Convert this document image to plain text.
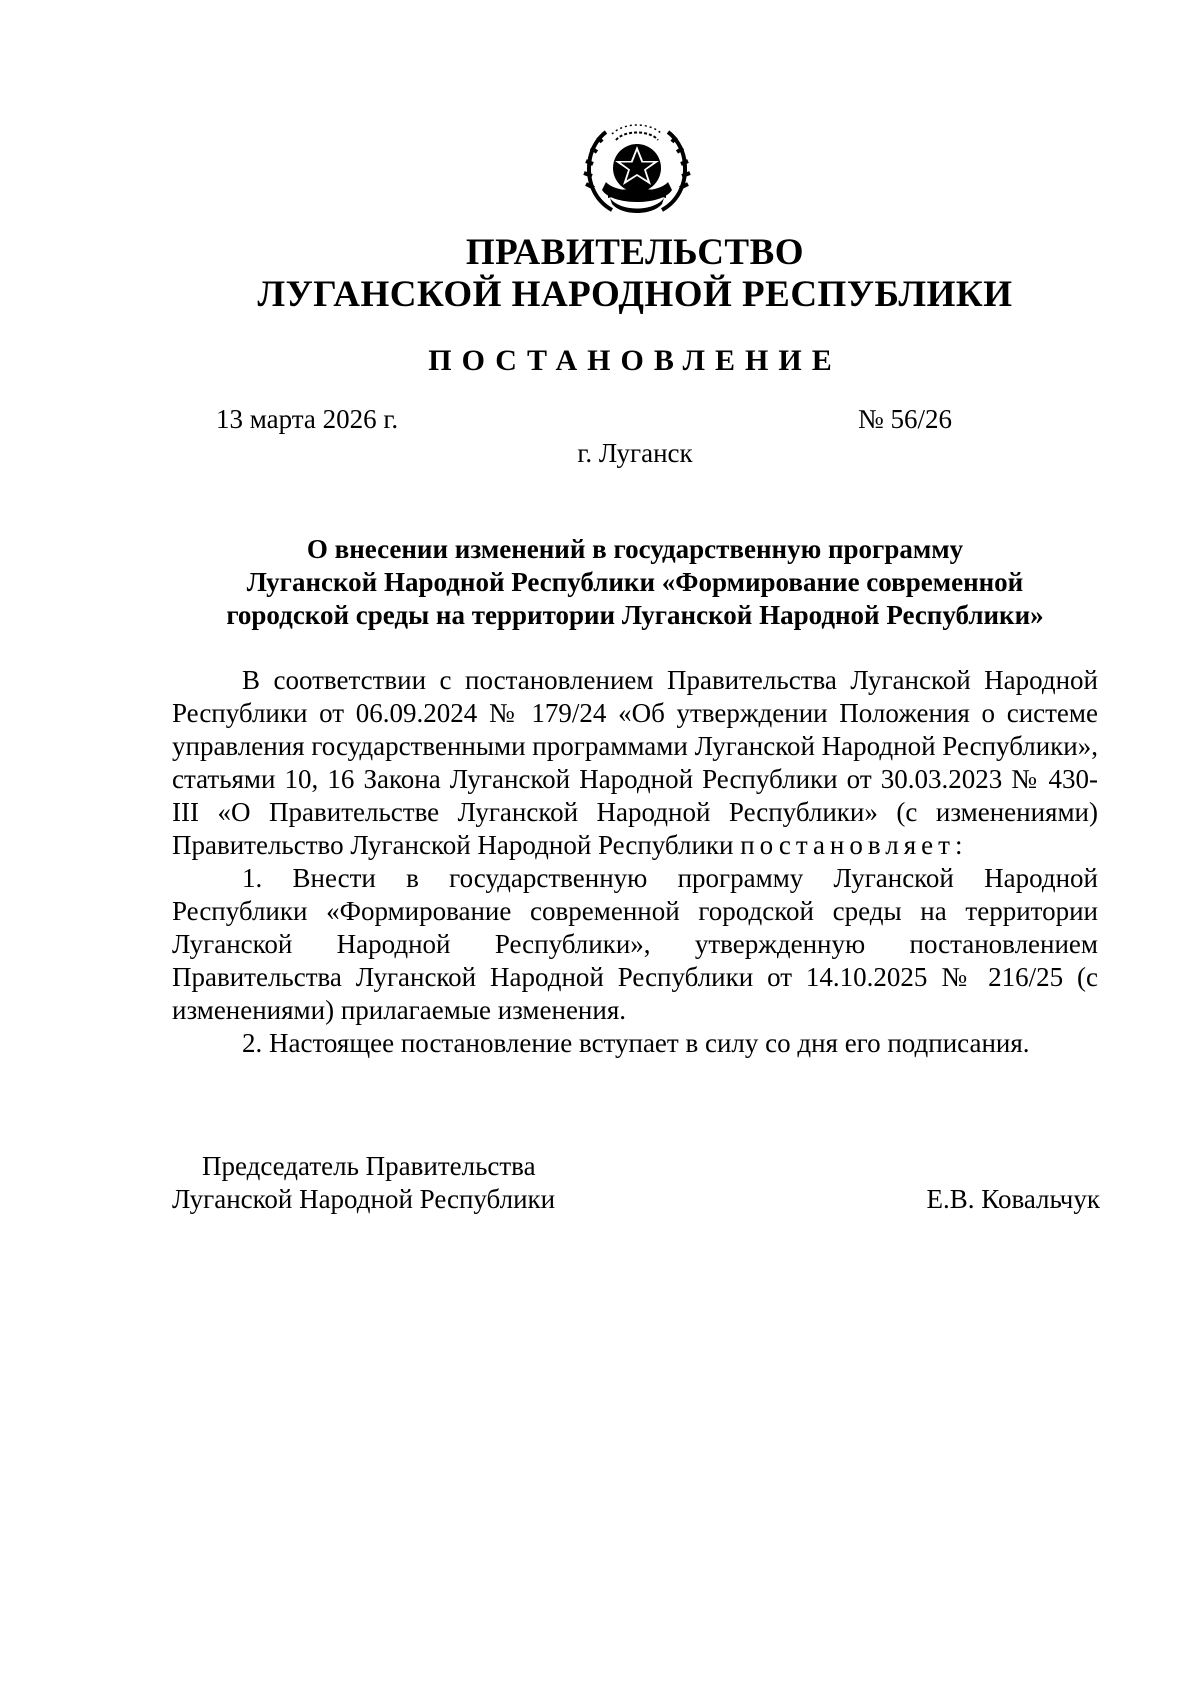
ПРАВИТЕЛЬСТВО
ЛУГАНСКОЙ НАРОДНОЙ РЕСПУБЛИКИ
ПОСТАНОВЛЕНИЕ
13 марта 2026 г.	№ 56/26
г. Луганск
О внесении изменений в государственную программу
Луганской Народной Республики «Формирование современной
городской среды на территории Луганской Народной Республики»

В соответствии с постановлением Правительства Луганской Народной Республики от 06.09.2024 № 179/24 «Об утверждении Положения о системе управления государственными программами Луганской Народной Республики», статьями 10, 16 Закона Луганской Народной Республики от 30.03.2023 № 430-III «О Правительстве Луганской Народной Республики» (с изменениями) Правительство Луганской Народной Республики постановляет:

1. Внести в государственную программу Луганской Народной Республики «Формирование современной городской среды на территории Луганской Народной Республики», утвержденную постановлением Правительства Луганской Народной Республики от 14.10.2025 № 216/25 (с изменениями) прилагаемые изменения.

2. Настоящее постановление вступает в силу со дня его подписания.

Председатель Правительства
Луганской Народной Республики	Е.В. Ковальчук
